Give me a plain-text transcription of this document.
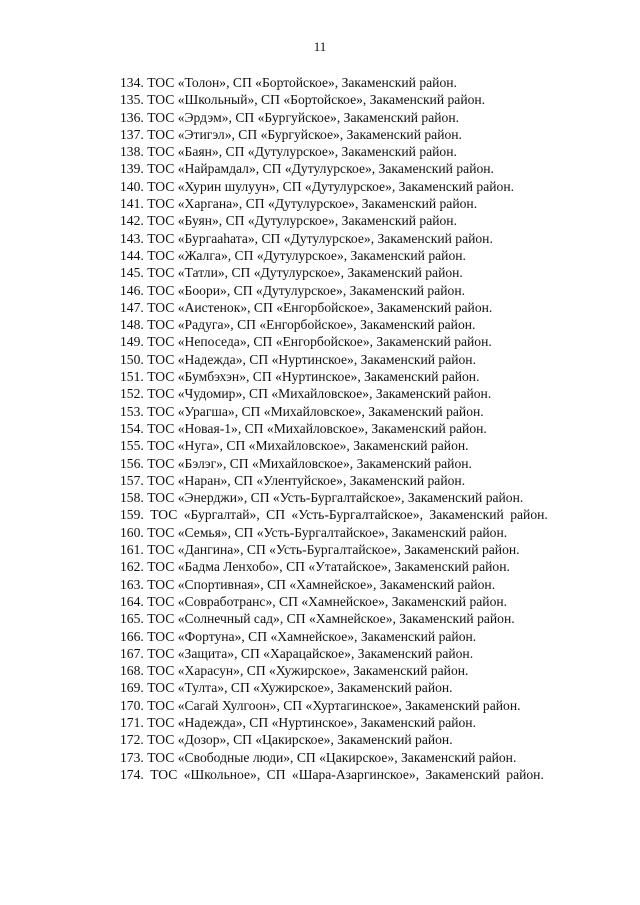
11
134. ТОС «Толон», СП «Бортойское», Закаменский район.
135. ТОС «Школьный», СП «Бортойское», Закаменский район.
136. ТОС «Эрдэм», СП «Бургуйское», Закаменский район.
137. ТОС «Этигэл», СП «Бургуйское», Закаменский район.
138. ТОС «Баян», СП «Дутулурское», Закаменский район.
139. ТОС «Найрамдал», СП «Дутулурское», Закаменский район.
140. ТОС «Хурин шулуун», СП «Дутулурское», Закаменский район.
141. ТОС «Харгана», СП «Дутулурское», Закаменский район.
142. ТОС «Буян», СП «Дутулурское», Закаменский район.
143. ТОС «Бургааhата», СП «Дутулурское», Закаменский район.
144. ТОС «Жалга», СП «Дутулурское», Закаменский район.
145. ТОС «Татли», СП «Дутулурское», Закаменский район.
146. ТОС «Боори», СП «Дутулурское», Закаменский район.
147. ТОС «Аистенок», СП «Енгорбойское», Закаменский район.
148. ТОС «Радуга», СП «Енгорбойское», Закаменский район.
149. ТОС «Непоседа», СП «Енгорбойское», Закаменский район.
150. ТОС «Надежда», СП «Нуртинское», Закаменский район.
151. ТОС «Бумбэхэн», СП «Нуртинское», Закаменский район.
152. ТОС «Чудомир», СП «Михайловское», Закаменский район.
153. ТОС «Урагша», СП «Михайловское», Закаменский район.
154. ТОС «Новая-1», СП «Михайловское», Закаменский район.
155. ТОС «Нуга», СП «Михайловское», Закаменский район.
156. ТОС «Бэлэг», СП «Михайловское», Закаменский район.
157. ТОС «Наран», СП «Улентуйское», Закаменский район.
158. ТОС «Энерджи», СП «Усть-Бургалтайское», Закаменский район.
159. ТОС «Бургалтай», СП «Усть-Бургалтайское», Закаменский район.
160. ТОС «Семья», СП «Усть-Бургалтайское», Закаменский район.
161. ТОС «Дангина», СП «Усть-Бургалтайское», Закаменский район.
162. ТОС «Бадма Ленхобо», СП «Утатайское», Закаменский район.
163. ТОС «Спортивная», СП «Хамнейское», Закаменский район.
164. ТОС «Совработранс», СП «Хамнейское», Закаменский район.
165. ТОС «Солнечный сад», СП «Хамнейское», Закаменский район.
166. ТОС «Фортуна», СП «Хамнейское», Закаменский район.
167. ТОС «Защита», СП «Харацайское», Закаменский район.
168. ТОС «Харасун», СП «Хужирское», Закаменский район.
169. ТОС «Тулта», СП «Хужирское», Закаменский район.
170. ТОС «Сагай Хулгоон», СП «Хуртагинское», Закаменский район.
171. ТОС «Надежда», СП «Нуртинское», Закаменский район.
172. ТОС «Дозор», СП «Цакирское», Закаменский район.
173. ТОС «Свободные люди», СП «Цакирское», Закаменский район.
174. ТОС «Школьное», СП «Шара-Азаргинское», Закаменский район.
